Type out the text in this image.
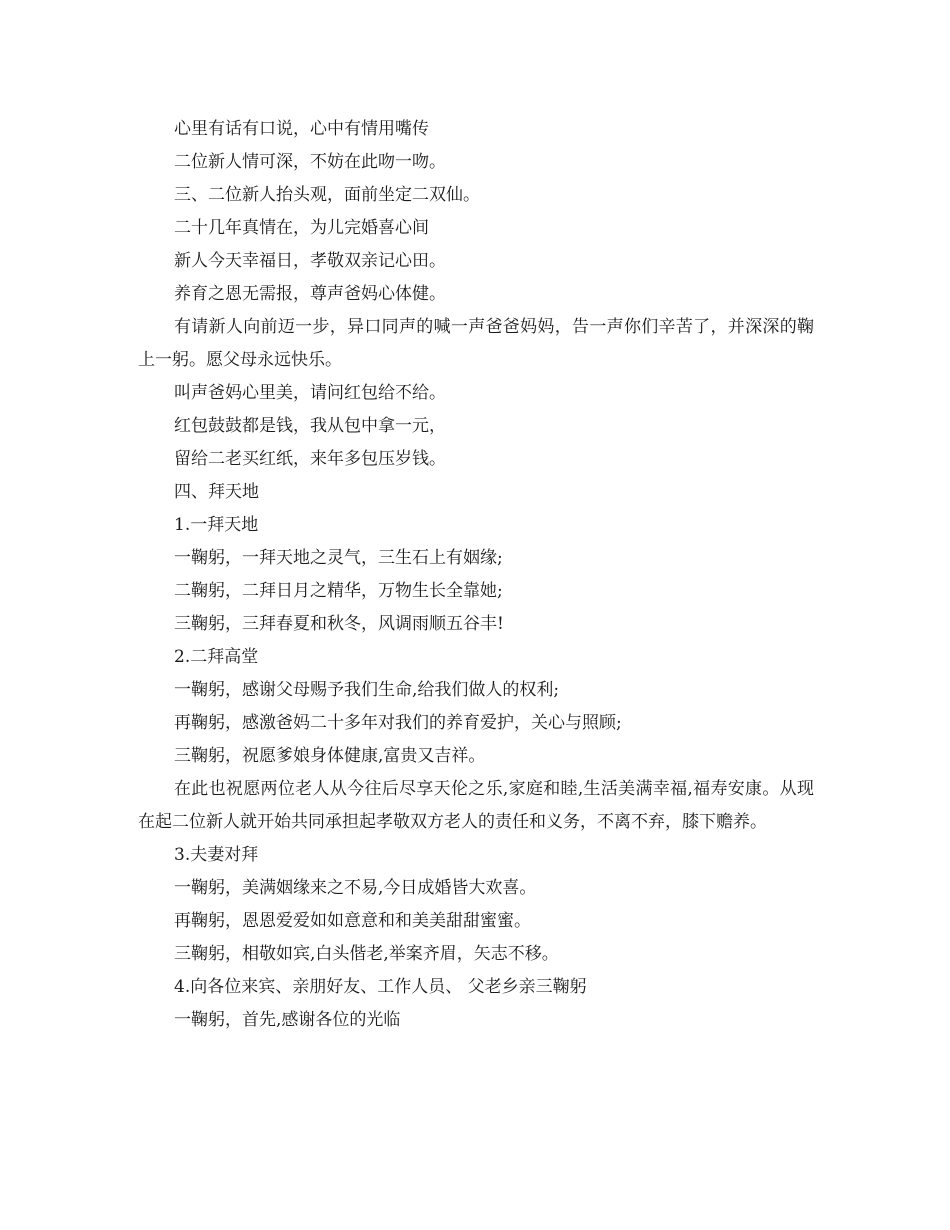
心里有话有口说，心中有情用嘴传

二位新人情可深，不妨在此吻一吻。

三、二位新人抬头观，面前坐定二双仙。

二十几年真情在，为儿完婚喜心间

新人今天幸福日，孝敬双亲记心田。

养育之恩无需报，尊声爸妈心体健。

有请新人向前迈一步，异口同声的喊一声爸爸妈妈，告一声你们辛苦了，并深深的鞠上一躬。愿父母永远快乐。

叫声爸妈心里美，请问红包给不给。

红包鼓鼓都是钱，我从包中拿一元，

留给二老买红纸，来年多包压岁钱。

四、拜天地

1.一拜天地

一鞠躬，一拜天地之灵气，三生石上有姻缘;

二鞠躬，二拜日月之精华，万物生长全靠她;

三鞠躬，三拜春夏和秋冬，风调雨顺五谷丰!

2.二拜高堂

一鞠躬，感谢父母赐予我们生命,给我们做人的权利;

再鞠躬，感激爸妈二十多年对我们的养育爱护，关心与照顾;

三鞠躬，祝愿爹娘身体健康,富贵又吉祥。

在此也祝愿两位老人从今往后尽享天伦之乐,家庭和睦,生活美满幸福,福寿安康。从现在起二位新人就开始共同承担起孝敬双方老人的责任和义务，不离不弃，膝下赡养。

3.夫妻对拜

一鞠躬，美满姻缘来之不易,今日成婚皆大欢喜。

再鞠躬，恩恩爱爱如如意意和和美美甜甜蜜蜜。

三鞠躬，相敬如宾,白头偕老,举案齐眉，矢志不移。

4.向各位来宾、亲朋好友、工作人员、 父老乡亲三鞠躬

一鞠躬，首先,感谢各位的光临
